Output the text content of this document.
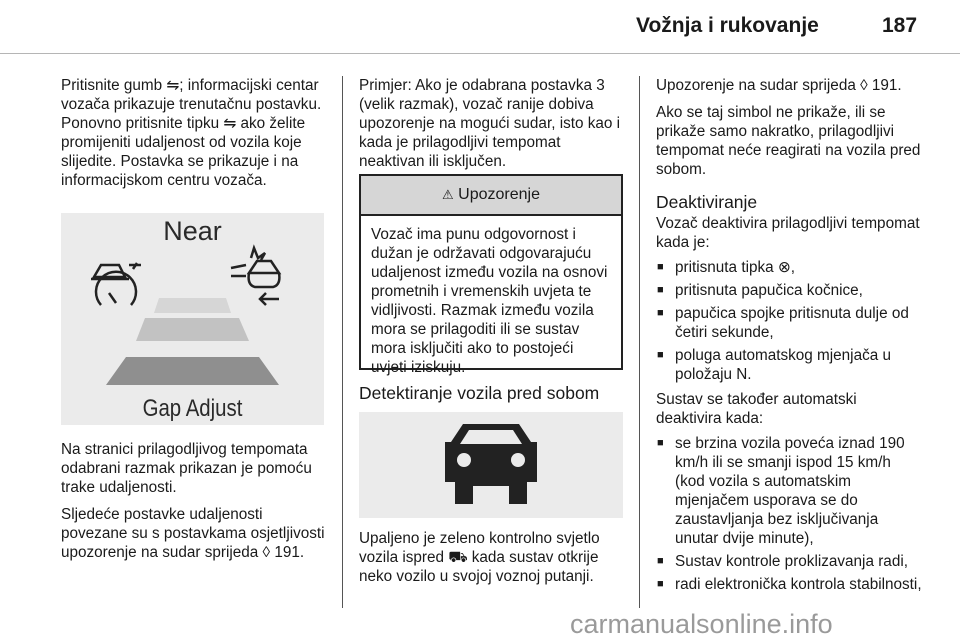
Vožnja i rukovanje	187

Pritisnite gumb ⇋; informacijski centar vozača prikazuje trenutačnu postavku. Ponovno pritisnite tipku ⇋ ako želite promijeniti udaljenost od vozila koje slijedite. Postavka se prikazuje i na informacijskom centru vozača.

Near
Gap Adjust

Na stranici prilagodljivog tempomata odabrani razmak prikazan je pomoću trake udaljenosti.

Sljedeće postavke udaljenosti povezane su s postavkama osjetljivosti upozorenje na sudar sprijeda ◊ 191.

Primjer: Ako je odabrana postavka 3 (velik razmak), vozač ranije dobiva upozorenje na mogući sudar, isto kao i kada je prilagodljivi tempomat neaktivan ili isključen.

⚠ Upozorenje
Vozač ima punu odgovornost i dužan je održavati odgovarajuću udaljenost između vozila na osnovi prometnih i vremenskih uvjeta te vidljivosti. Razmak između vozila mora se prilagoditi ili se sustav mora isključiti ako to postojeći uvjeti iziskuju.
Detektiranje vozila pred sobom

Upaljeno je zeleno kontrolno svjetlo vozila ispred ⛟ kada sustav otkrije neko vozilo u svojoj voznoj putanji.

Upozorenje na sudar sprijeda ◊ 191.

Ako se taj simbol ne prikaže, ili se prikaže samo nakratko, prilagodljivi tempomat neće reagirati na vozila pred sobom.

Deaktiviranje

Vozač deaktivira prilagodljivi tempomat kada je:

■ pritisnuta tipka ⊗,
■ pritisnuta papučica kočnice,
■ papučica spojke pritisnuta dulje od četiri sekunde,
■ poluga automatskog mjenjača u položaju N.

Sustav se također automatski deaktivira kada:

■ se brzina vozila poveća iznad 190 km/h ili se smanji ispod 15 km/h (kod vozila s automatskim mjenjačem usporava se do zaustavljanja bez isključivanja unutar dvije minute),
■ Sustav kontrole proklizavanja radi,
■ radi elektronička kontrola stabilnosti,
carmanualsonline.info
